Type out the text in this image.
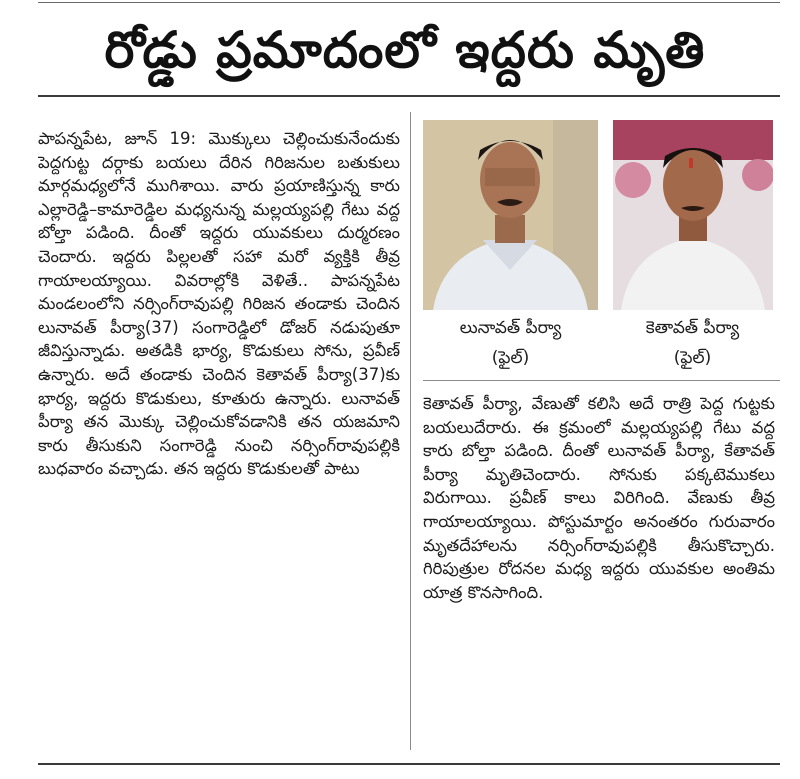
రోడ్డు ప్రమాదంలో ఇద్దరు మృతి

పాపన్నపేట, జూన్ 19: మొక్కులు చెల్లించుకునేందుకు పెద్దగుట్ట దర్గాకు బయలు దేరిన గిరిజనుల బతుకులు మార్గమధ్యలోనే ముగిశాయి. వారు ప్రయాణిస్తున్న కారు ఎల్లారెడ్డి–కామారెడ్డిల మధ్యనున్న మల్లయ్యపల్లి గేటు వద్ద బోల్తా పడింది. దీంతో ఇద్దరు యువకులు దుర్మరణం చెందారు. ఇద్దరు పిల్లలతో సహా మరో వ్యక్తికి తీవ్ర గాయాలయ్యాయి. వివరాల్లోకి వెళితే.. పాపన్నపేట మండలంలోని నర్సింగ్‌రావుపల్లి గిరిజన తండాకు చెందిన లునావత్ పీర్యా(37) సంగారెడ్డిలో డోజర్ నడుపుతూ జీవిస్తున్నాడు. అతడికి భార్య, కొడుకులు సోను, ప్రవీణ్ ఉన్నారు. అదే తండాకు చెందిన కెతావత్ పీర్యా(37)కు భార్య, ఇద్దరు కొడుకులు, కూతురు ఉన్నారు. లునావత్ పీర్యా తన మొక్కు చెల్లించుకోవడానికి తన యజమాని కారు తీసుకుని సంగారెడ్డి నుంచి నర్సింగ్‌రావుపల్లికి బుధవారం వచ్చాడు. తన ఇద్దరు కొడుకులతో పాటు

లునావత్ పీర్యా
(ఫైల్)
కెతావత్ పీర్యా
(ఫైల్)

కెతావత్ పీర్యా, వేణుతో కలిసి అదే రాత్రి పెద్ద గుట్టకు బయలుదేరారు. ఈ క్రమంలో మల్లయ్యపల్లి గేటు వద్ద కారు బోల్తా పడింది. దీంతో లునావత్ పీర్యా, కేతావత్ పీర్యా మృతిచెందారు. సోనుకు పక్కటెముకలు విరుగాయి. ప్రవీణ్ కాలు విరిగింది. వేణుకు తీవ్ర గాయాలయ్యాయి. పోస్టుమార్టం అనంతరం గురువారం మృతదేహాలను నర్సింగ్‌రావుపల్లికి తీసుకొచ్చారు. గిరిపుత్రుల రోదనల మధ్య ఇద్దరు యువకుల అంతిమ యాత్ర కొనసాగింది.
